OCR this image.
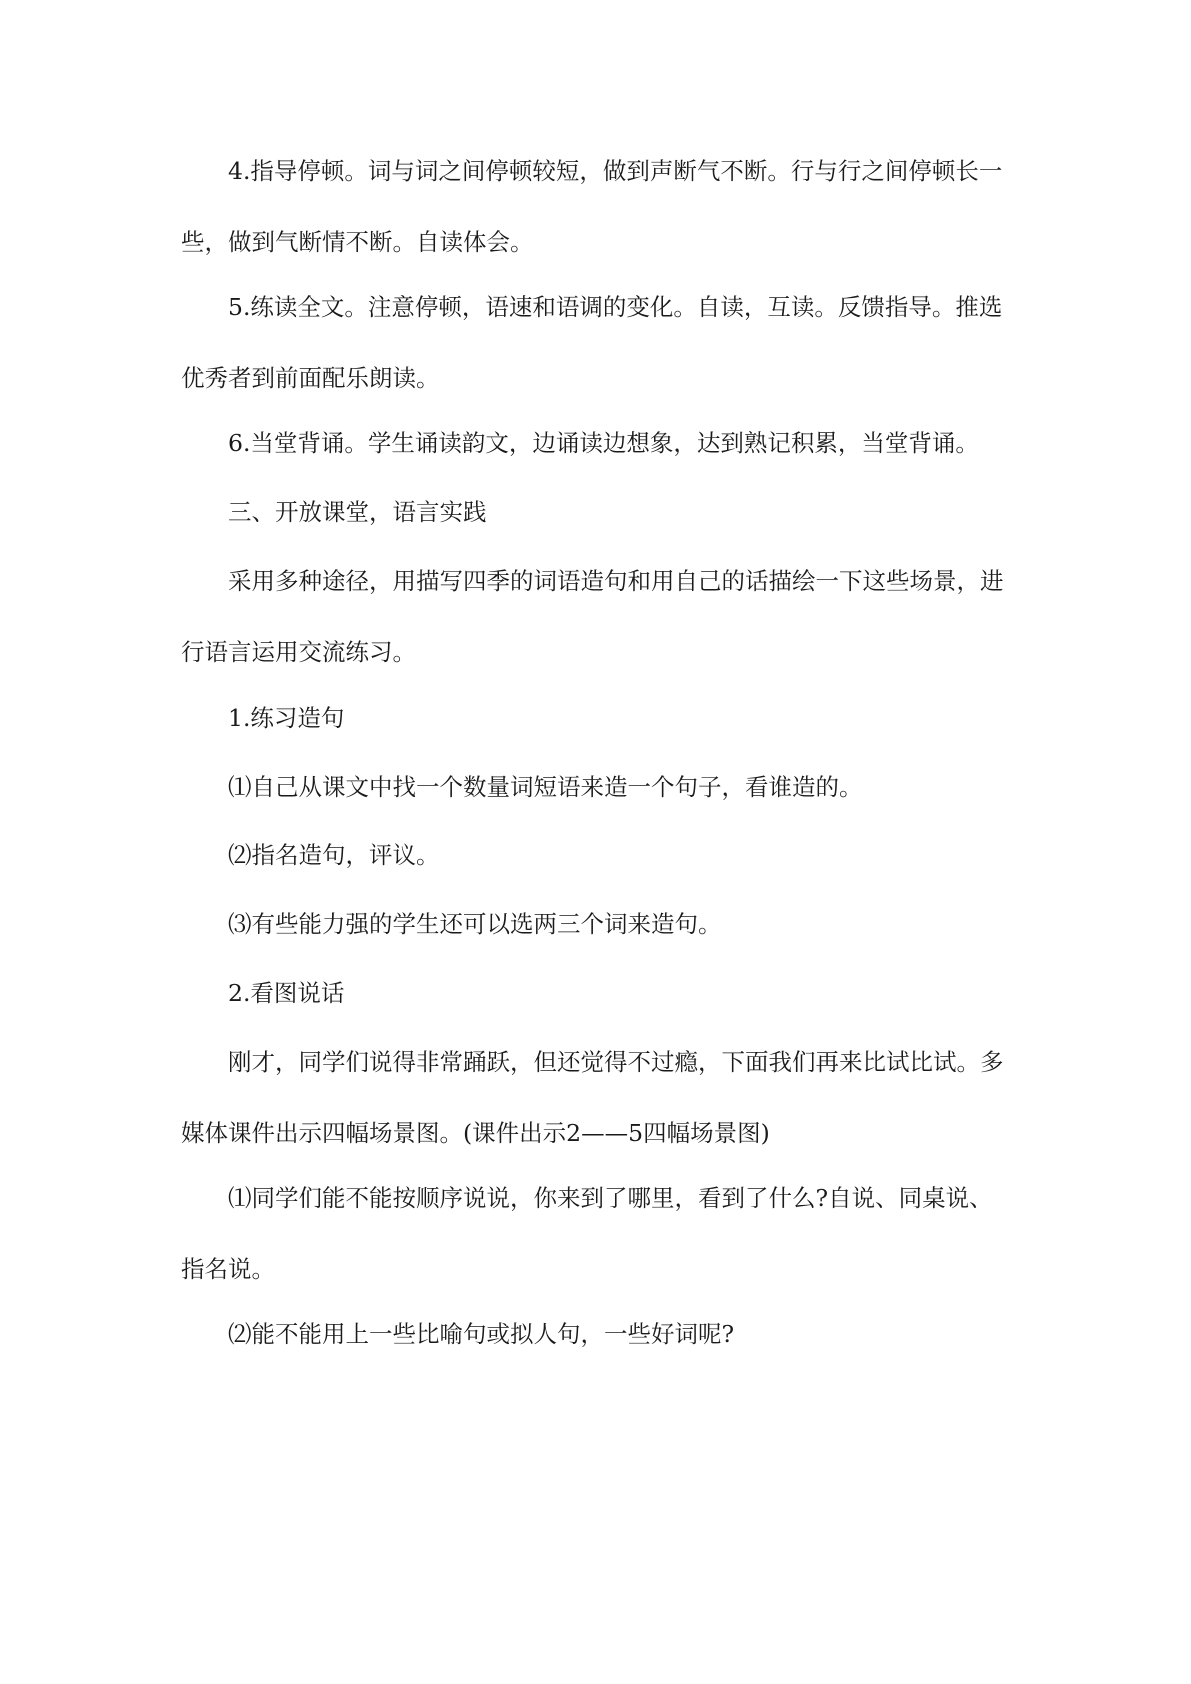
4.指导停顿。词与词之间停顿较短，做到声断气不断。行与行之间停顿长一些，做到气断情不断。自读体会。

5.练读全文。注意停顿，语速和语调的变化。自读，互读。反馈指导。推选优秀者到前面配乐朗读。

6.当堂背诵。学生诵读韵文，边诵读边想象，达到熟记积累，当堂背诵。

三、开放课堂，语言实践

采用多种途径，用描写四季的词语造句和用自己的话描绘一下这些场景，进行语言运用交流练习。

1.练习造句

⑴自己从课文中找一个数量词短语来造一个句子，看谁造的。

⑵指名造句，评议。

⑶有些能力强的学生还可以选两三个词来造句。

2.看图说话

刚才，同学们说得非常踊跃，但还觉得不过瘾，下面我们再来比试比试。多媒体课件出示四幅场景图。(课件出示2——5四幅场景图)

⑴同学们能不能按顺序说说，你来到了哪里，看到了什么?自说、同桌说、指名说。

⑵能不能用上一些比喻句或拟人句，一些好词呢?
